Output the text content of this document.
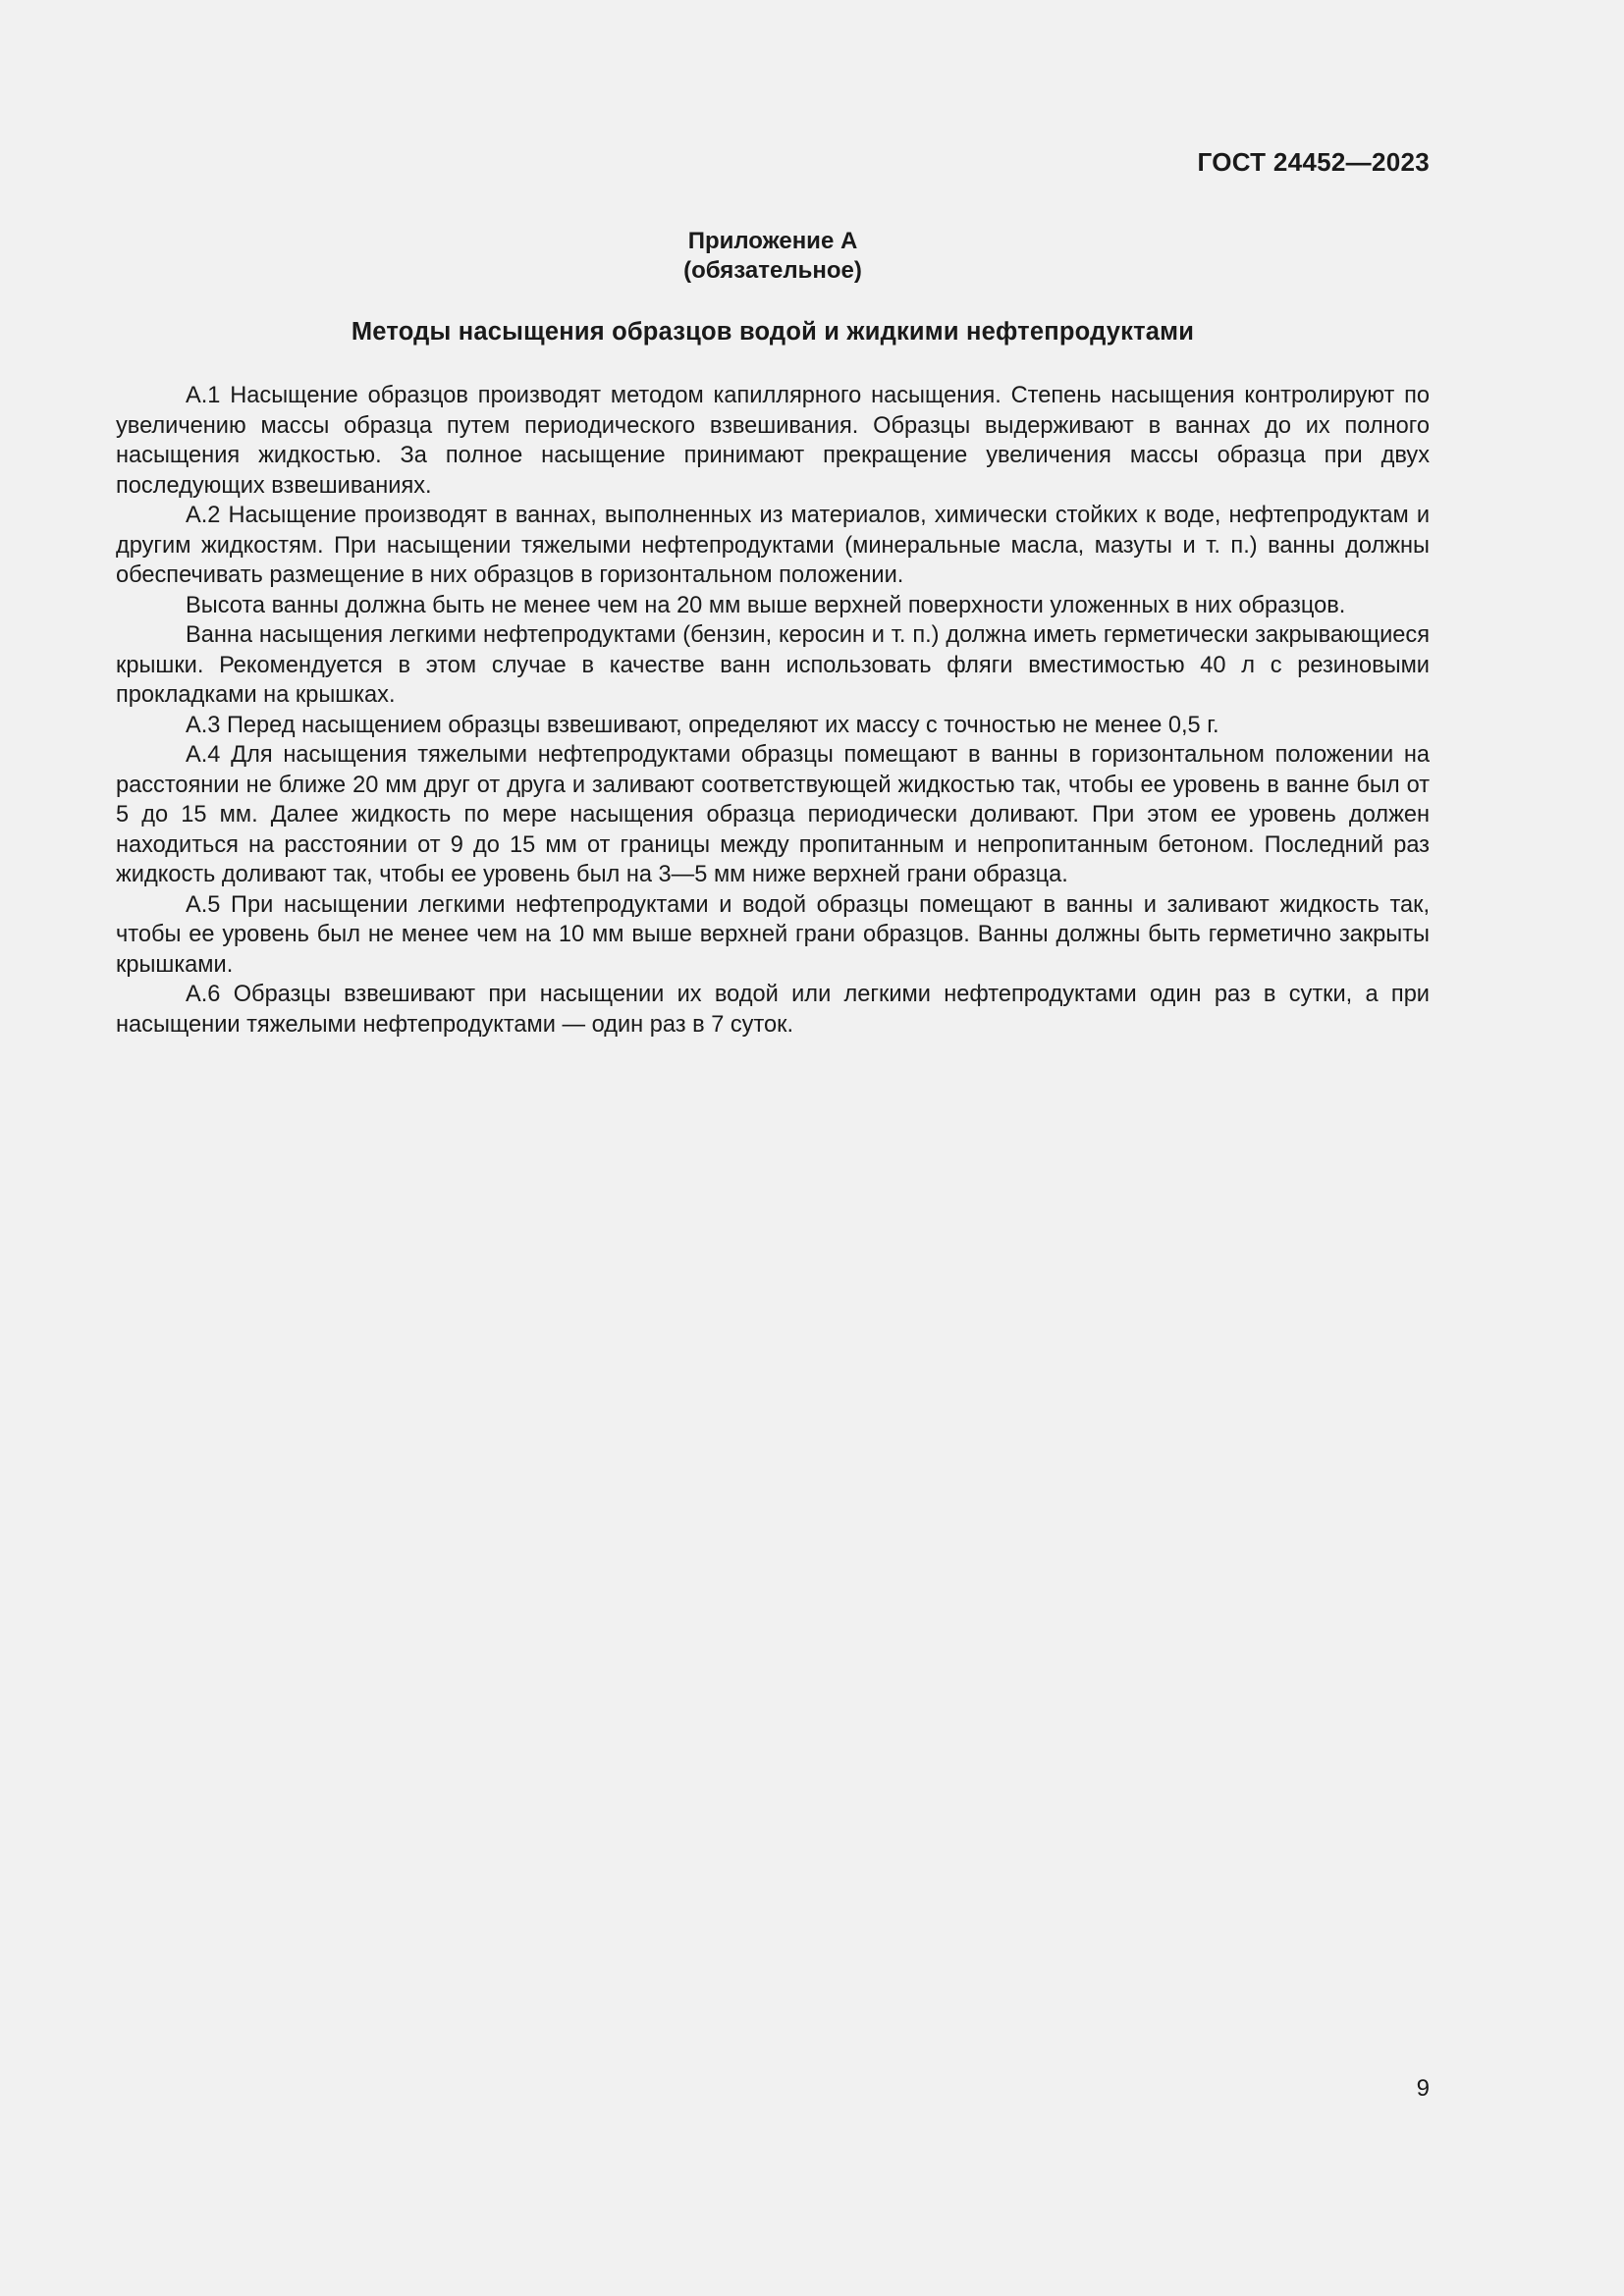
ГОСТ 24452—2023
Приложение А
(обязательное)
Методы насыщения образцов водой и жидкими нефтепродуктами

А.1 Насыщение образцов производят методом капиллярного насыщения. Степень насыщения контролируют по увеличению массы образца путем периодического взвешивания. Образцы выдерживают в ваннах до их полного насыщения жидкостью. За полное насыщение принимают прекращение увеличения массы образца при двух последующих взвешиваниях.

А.2 Насыщение производят в ваннах, выполненных из материалов, химически стойких к воде, нефтепродуктам и другим жидкостям. При насыщении тяжелыми нефтепродуктами (минеральные масла, мазуты и т. п.) ванны должны обеспечивать размещение в них образцов в горизонтальном положении.

Высота ванны должна быть не менее чем на 20 мм выше верхней поверхности уложенных в них образцов.

Ванна насыщения легкими нефтепродуктами (бензин, керосин и т. п.) должна иметь герметически закрывающиеся крышки. Рекомендуется в этом случае в качестве ванн использовать фляги вместимостью 40 л с резиновыми прокладками на крышках.

А.3 Перед насыщением образцы взвешивают, определяют их массу с точностью не менее 0,5 г.

А.4 Для насыщения тяжелыми нефтепродуктами образцы помещают в ванны в горизонтальном положении на расстоянии не ближе 20 мм друг от друга и заливают соответствующей жидкостью так, чтобы ее уровень в ванне был от 5 до 15 мм. Далее жидкость по мере насыщения образца периодически доливают. При этом ее уровень должен находиться на расстоянии от 9 до 15 мм от границы между пропитанным и непропитанным бетоном. Последний раз жидкость доливают так, чтобы ее уровень был на 3—5 мм ниже верхней грани образца.

А.5 При насыщении легкими нефтепродуктами и водой образцы помещают в ванны и заливают жидкость так, чтобы ее уровень был не менее чем на 10 мм выше верхней грани образцов. Ванны должны быть герметично закрыты крышками.

А.6 Образцы взвешивают при насыщении их водой или легкими нефтепродуктами один раз в сутки, а при насыщении тяжелыми нефтепродуктами — один раз в 7 суток.

9
